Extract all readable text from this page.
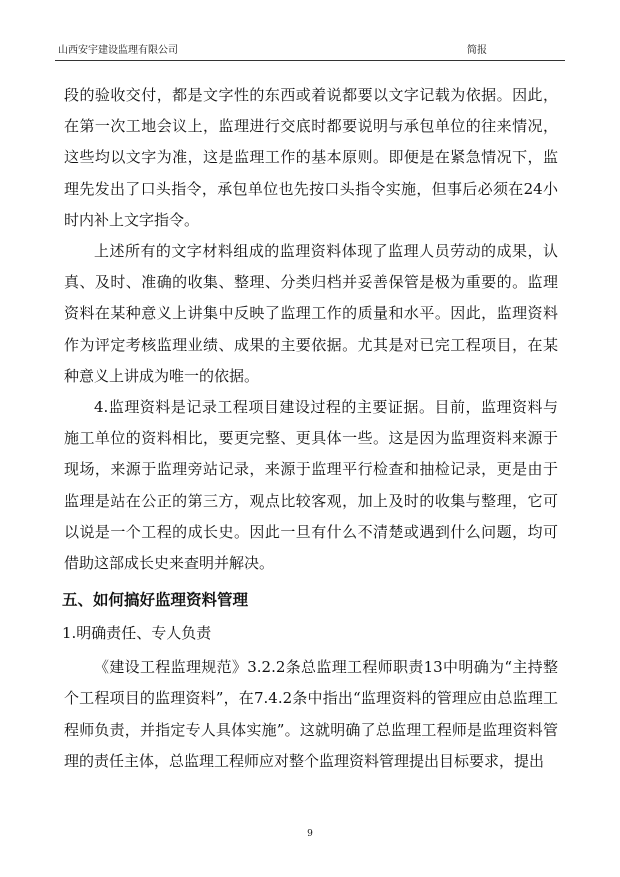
山西安宇建设监理有限公司	简报

段的验收交付，都是文字性的东西或着说都要以文字记载为依据。因此，在第一次工地会议上，监理进行交底时都要说明与承包单位的往来情况，这些均以文字为准，这是监理工作的基本原则。即便是在紧急情况下，监理先发出了口头指令，承包单位也先按口头指令实施，但事后必须在24小时内补上文字指令。

上述所有的文字材料组成的监理资料体现了监理人员劳动的成果，认真、及时、准确的收集、整理、分类归档并妥善保管是极为重要的。监理资料在某种意义上讲集中反映了监理工作的质量和水平。因此，监理资料作为评定考核监理业绩、成果的主要依据。尤其是对已完工程项目，在某种意义上讲成为唯一的依据。

4.监理资料是记录工程项目建设过程的主要证据。目前，监理资料与施工单位的资料相比，要更完整、更具体一些。这是因为监理资料来源于现场，来源于监理旁站记录，来源于监理平行检查和抽检记录，更是由于监理是站在公正的第三方，观点比较客观，加上及时的收集与整理，它可以说是一个工程的成长史。因此一旦有什么不清楚或遇到什么问题，均可借助这部成长史来查明并解决。

五、如何搞好监理资料管理
1.明确责任、专人负责

《建设工程监理规范》3.2.2条总监理工程师职责13中明确为“主持整个工程项目的监理资料”，在7.4.2条中指出“监理资料的管理应由总监理工程师负责，并指定专人具体实施”。这就明确了总监理工程师是监理资料管理的责任主体，总监理工程师应对整个监理资料管理提出目标要求，提出

9
